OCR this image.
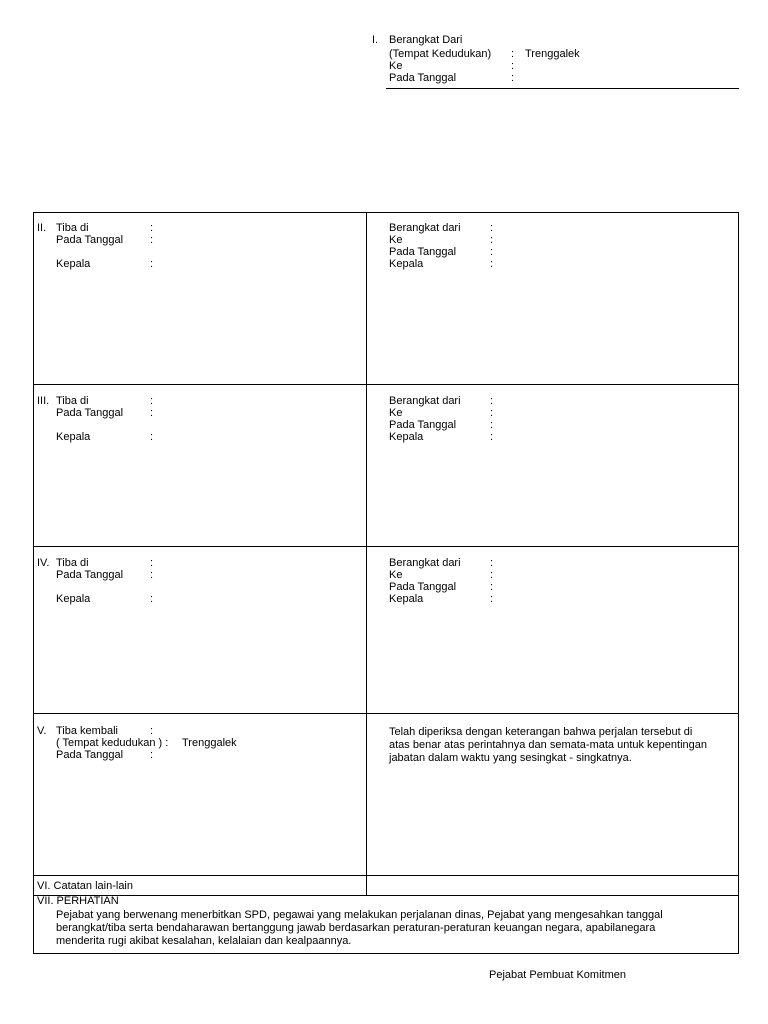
I. Berangkat Dari
(Tempat Kedudukan) : Trenggalek
Ke	:
Pada Tanggal	:
II. Tiba di	:
Pada Tanggal :
Kepala	:
Berangkat dari	:
Ke	:
Pada Tanggal	:
Kepala	:
III. Tiba di	:
Pada Tanggal :
Kepala	:
Berangkat dari	:
Ke	:
Pada Tanggal	:
Kepala	:
IV. Tiba di	:
Pada Tanggal :
Kepala	:
Berangkat dari	:
Ke	:
Pada Tanggal	:
Kepala	:
V. Tiba kembali	:
( Tempat kedudukan ) : Trenggalek
Pada Tanggal :
Telah diperiksa dengan keterangan bahwa perjalan tersebut di
atas benar atas perintahnya dan semata-mata untuk kepentingan
jabatan dalam waktu yang sesingkat - singkatnya.
VI. Catatan lain-lain
VII. PERHATIAN
Pejabat yang berwenang menerbitkan SPD, pegawai yang melakukan perjalanan dinas, Pejabat yang mengesahkan tanggal
berangkat/tiba serta bendaharawan bertanggung jawab berdasarkan peraturan-peraturan keuangan negara, apabilanegara
menderita rugi akibat kesalahan, kelalaian dan kealpaannya.
Pejabat Pembuat Komitmen
